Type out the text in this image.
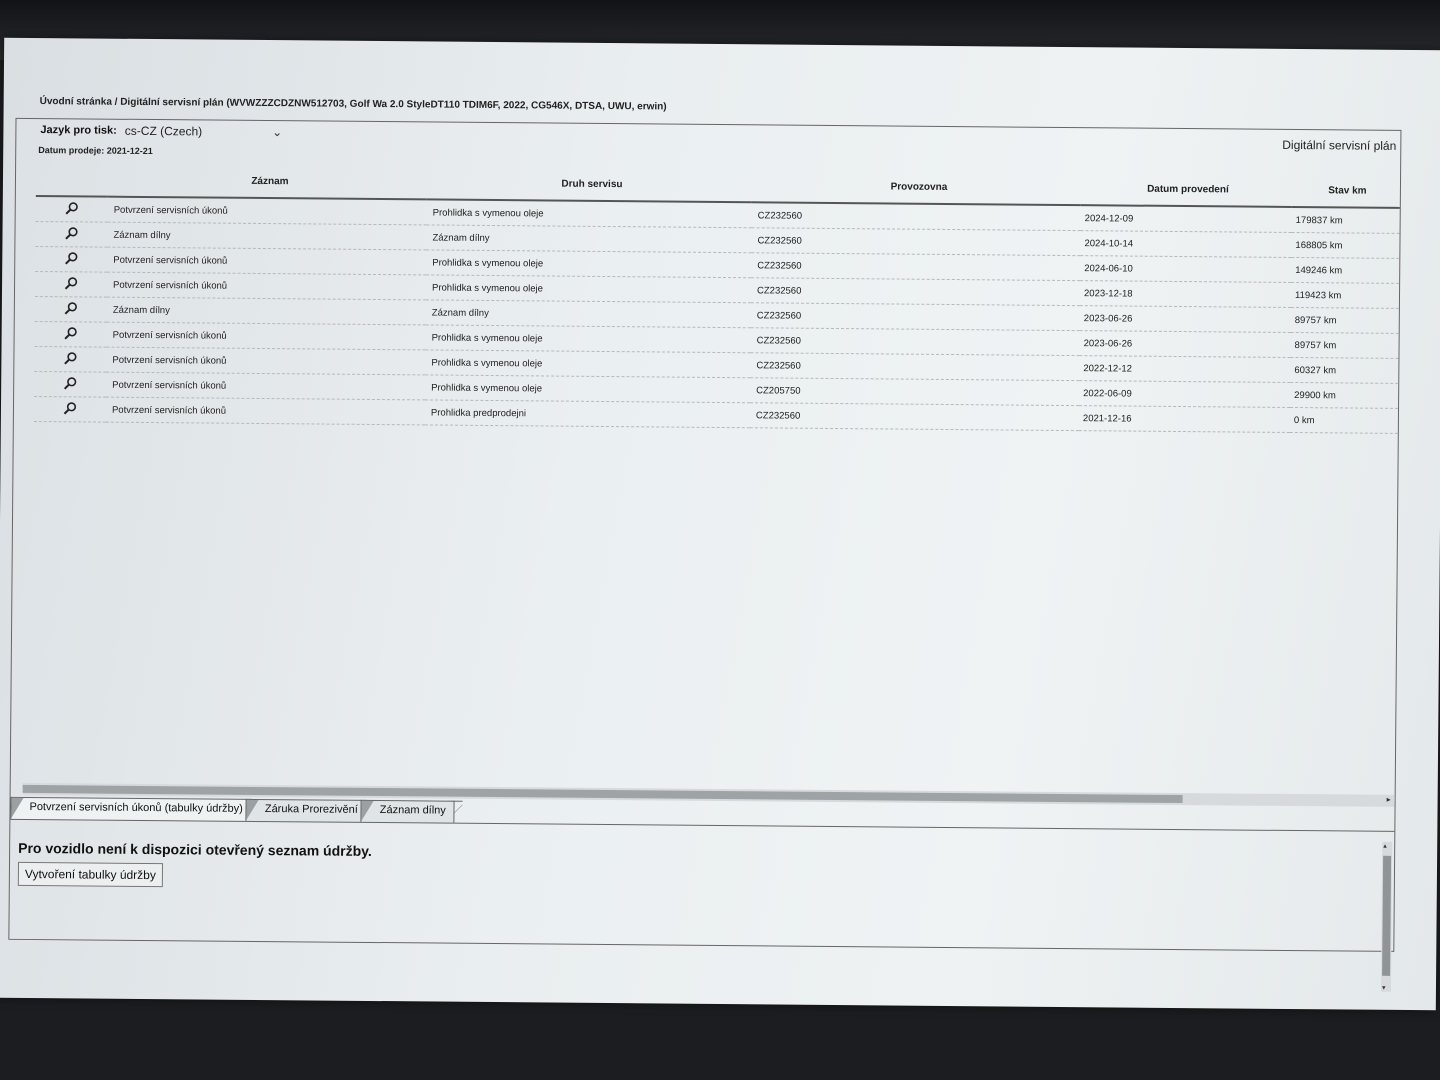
Úvodní stránka / Digitální servisní plán (WVWZZZCDZNW512703, Golf Wa 2.0 StyleDT110 TDIM6F, 2022, CG546X, DTSA, UWU, erwin)
Jazyk pro tisk: cs-CZ (Czech)	⌄
Digitální servisní plán
Datum prodeje: 2021-12-21
	Záznam	Druh servisu	Provozovna	Datum provedení	Stav km

	Potvrzení servisních úkonů	Prohlidka s vymenou oleje	CZ232560	2024-12-09	179837 km

	Záznam dílny	Záznam dílny	CZ232560	2024-10-14	168805 km

	Potvrzení servisních úkonů	Prohlidka s vymenou oleje	CZ232560	2024-06-10	149246 km

	Potvrzení servisních úkonů	Prohlidka s vymenou oleje	CZ232560	2023-12-18	119423 km

	Záznam dílny	Záznam dílny	CZ232560	2023-06-26	89757 km

	Potvrzení servisních úkonů	Prohlidka s vymenou oleje	CZ232560	2023-06-26	89757 km

	Potvrzení servisních úkonů	Prohlidka s vymenou oleje	CZ232560	2022-12-12	60327 km

	Potvrzení servisních úkonů	Prohlidka s vymenou oleje	CZ205750	2022-06-09	29900 km

	Potvrzení servisních úkonů	Prohlidka predprodejni	CZ232560	2021-12-16	0 km
▸
Potvrzení servisních úkonů (tabulky údržby)	Záruka Prorezivění	Záznam dílny
Pro vozidlo není k dispozici otevřený seznam údržby.
Vytvoření tabulky údržby
▴
▾
